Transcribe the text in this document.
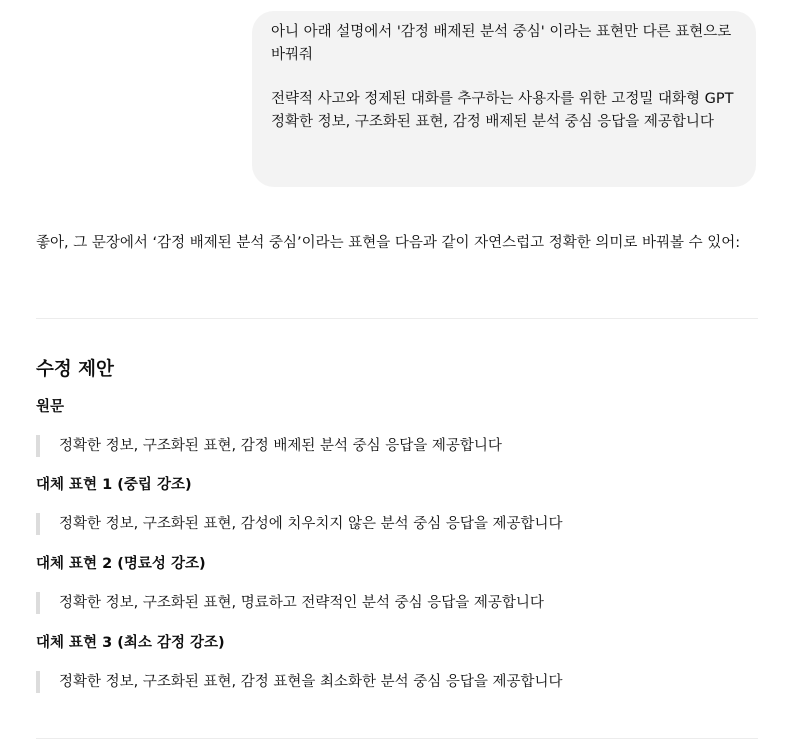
아니 아래 설명에서 '감정 배제된 분석 중심' 이라는 표현만 다른 표현으로 바꿔줘

전략적 사고와 정제된 대화를 추구하는 사용자를 위한 고정밀 대화형 GPT

정확한 정보, 구조화된 표현, 감정 배제된 분석 중심 응답을 제공합니다

좋아, 그 문장에서 ‘감정 배제된 분석 중심’이라는 표현을 다음과 같이 자연스럽고 정확한 의미로 바꿔볼 수 있어:

수정 제안
원문
정확한 정보, 구조화된 표현, 감정 배제된 분석 중심 응답을 제공합니다
대체 표현 1 (중립 강조)
정확한 정보, 구조화된 표현, 감성에 치우치지 않은 분석 중심 응답을 제공합니다
대체 표현 2 (명료성 강조)
정확한 정보, 구조화된 표현, 명료하고 전략적인 분석 중심 응답을 제공합니다
대체 표현 3 (최소 감정 강조)
정확한 정보, 구조화된 표현, 감정 표현을 최소화한 분석 중심 응답을 제공합니다
